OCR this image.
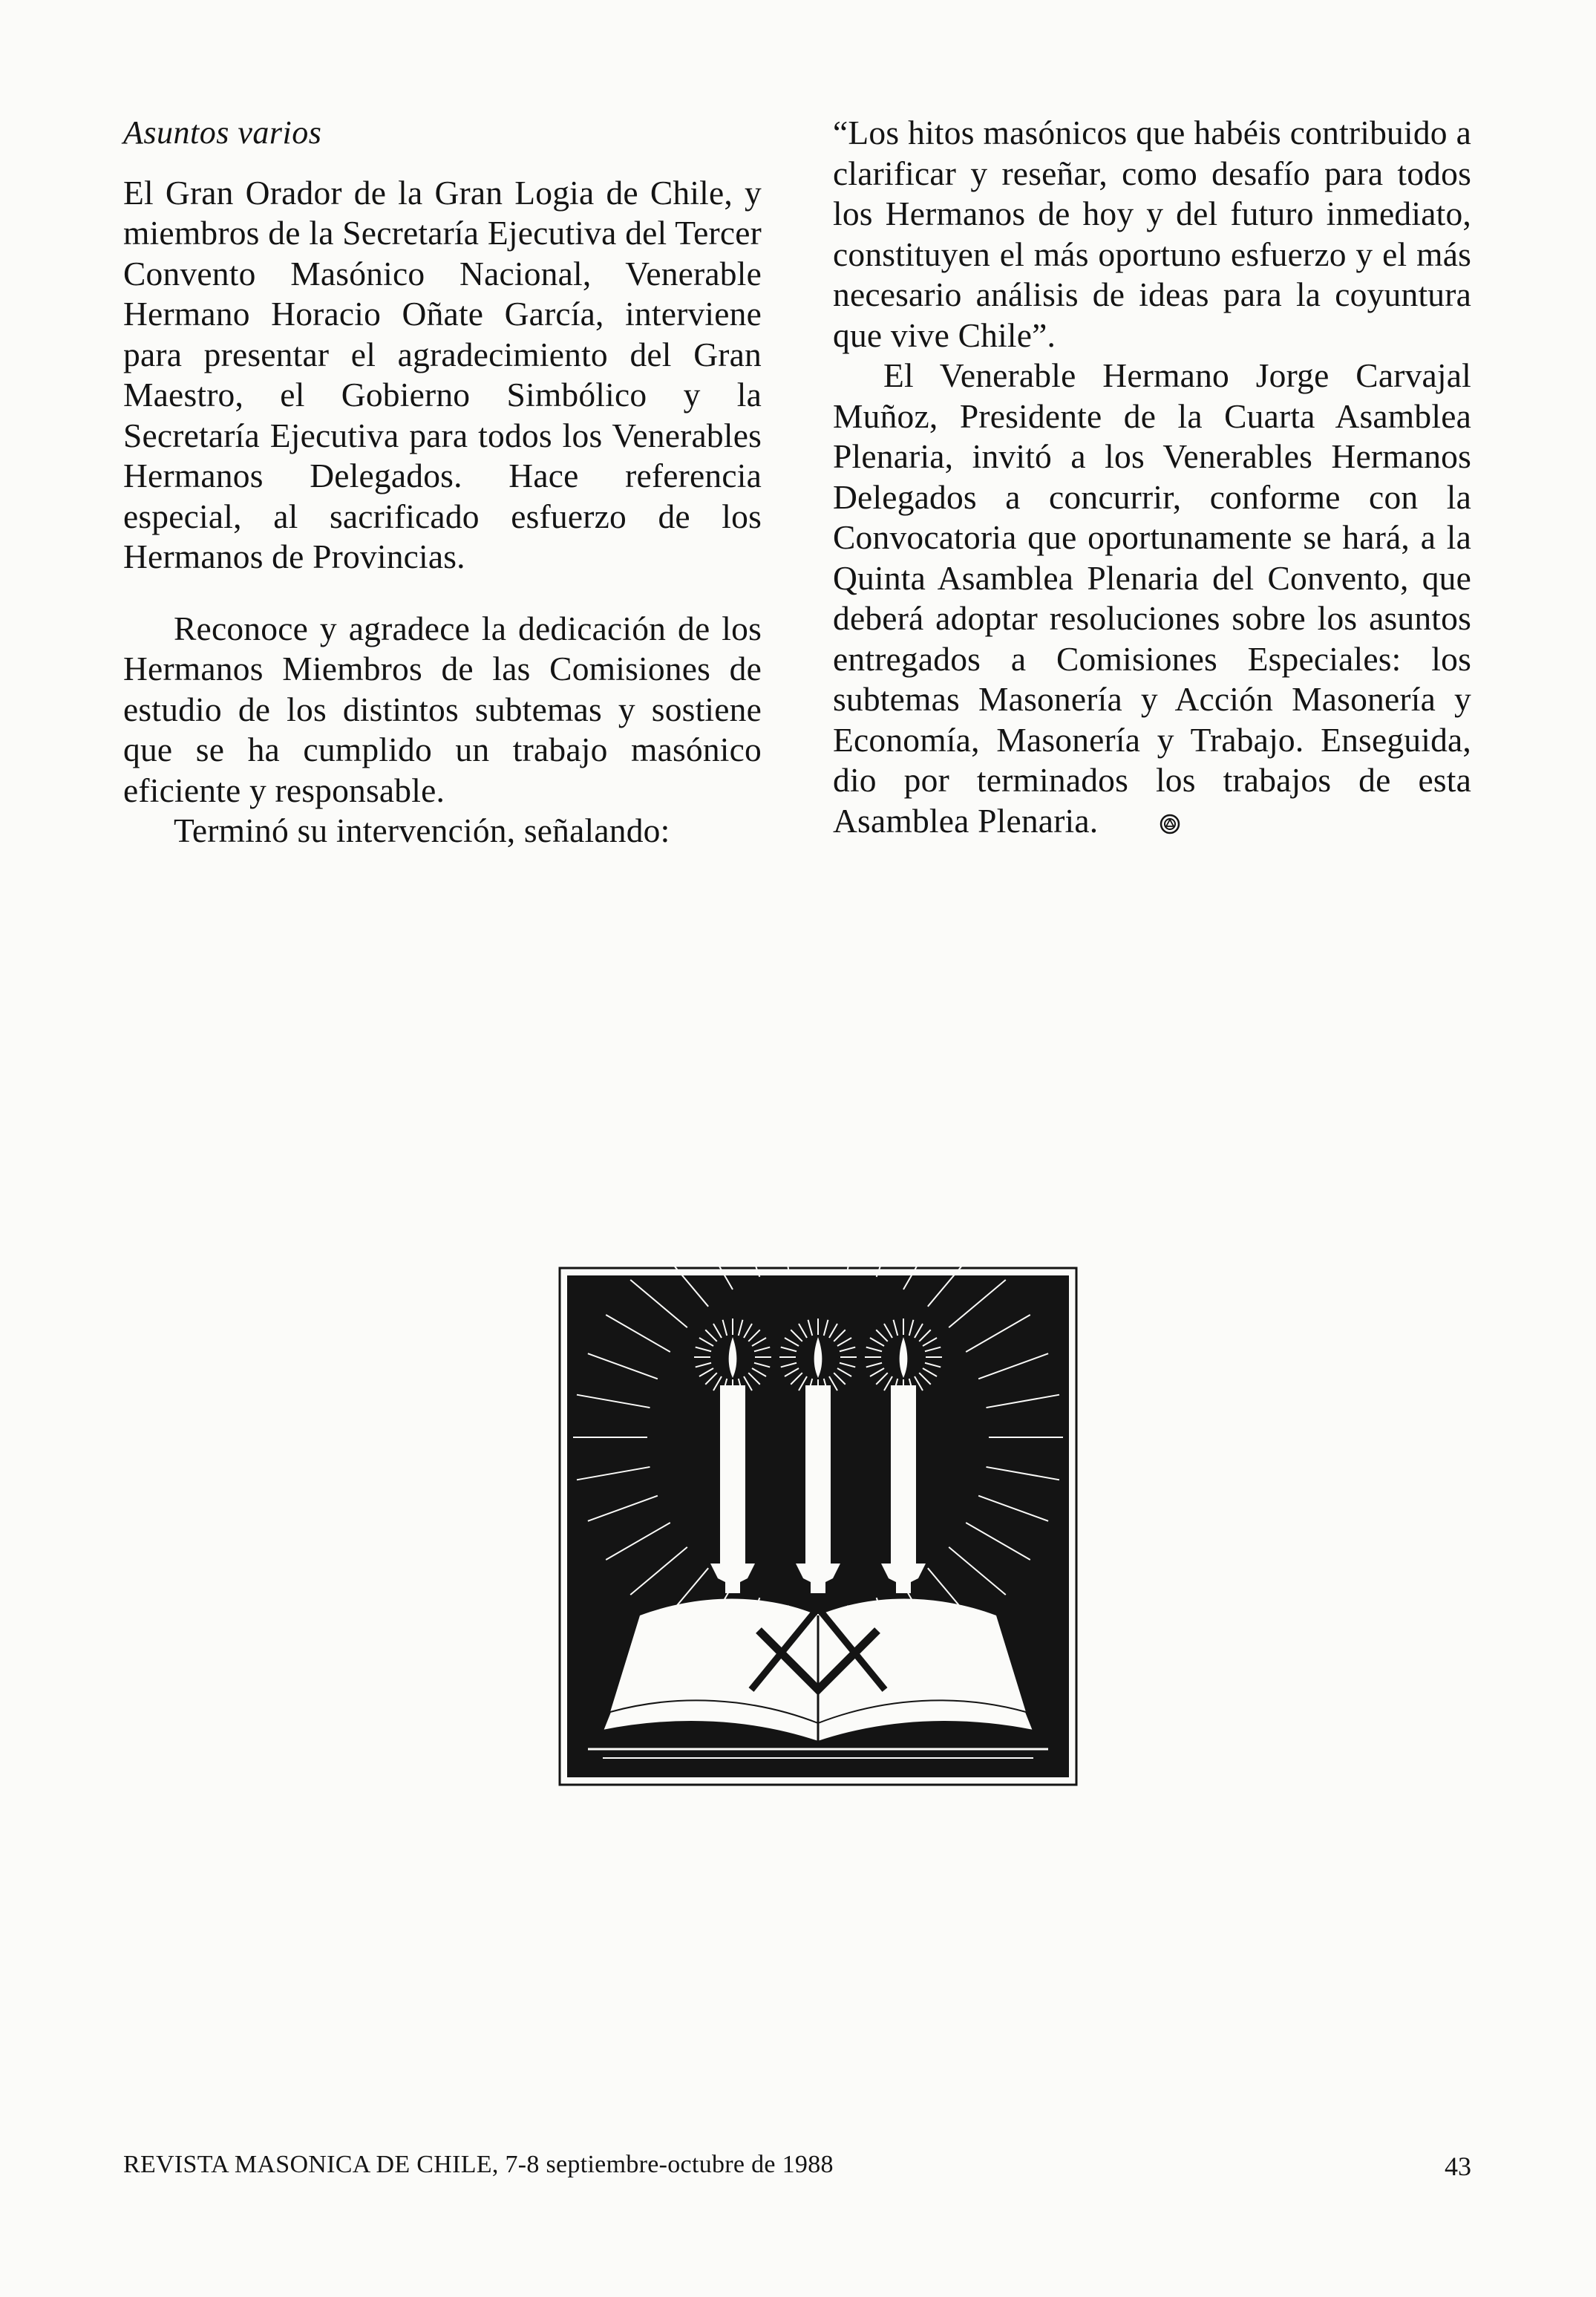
Asuntos varios

El Gran Orador de la Gran Logia de Chile, y miembros de la Secretaría Ejecutiva del Tercer Convento Masónico Nacional, Venerable Hermano Horacio Oñate García, interviene para presentar el agradecimiento del Gran Maestro, el Gobierno Simbólico y la Secretaría Ejecutiva para todos los Venerables Hermanos Delegados. Hace referencia especial, al sacrificado esfuerzo de los Hermanos de Provincias.

Reconoce y agradece la dedicación de los Hermanos Miembros de las Comisiones de estudio de los distintos subtemas y sostiene que se ha cumplido un trabajo masónico eficiente y responsable.

Terminó su intervención, señalando:

“Los hitos masónicos que habéis contribuido a clarificar y reseñar, como desafío para todos los Hermanos de hoy y del futuro inmediato, constituyen el más oportuno esfuerzo y el más necesario análisis de ideas para la coyuntura que vive Chile”.

El Venerable Hermano Jorge Carvajal Muñoz, Presidente de la Cuarta Asamblea Plenaria, invitó a los Venerables Hermanos Delegados a concurrir, conforme con la Convocatoria que oportunamente se hará, a la Quinta Asamblea Plenaria del Convento, que deberá adoptar resoluciones sobre los asuntos entregados a Comisiones Especiales: los subtemas Masonería y Acción Masonería y Economía, Masonería y Trabajo. Enseguida, dio por terminados los trabajos de esta Asamblea Plenaria.

REVISTA MASONICA DE CHILE, 7-8 septiembre-octubre de 1988	43
